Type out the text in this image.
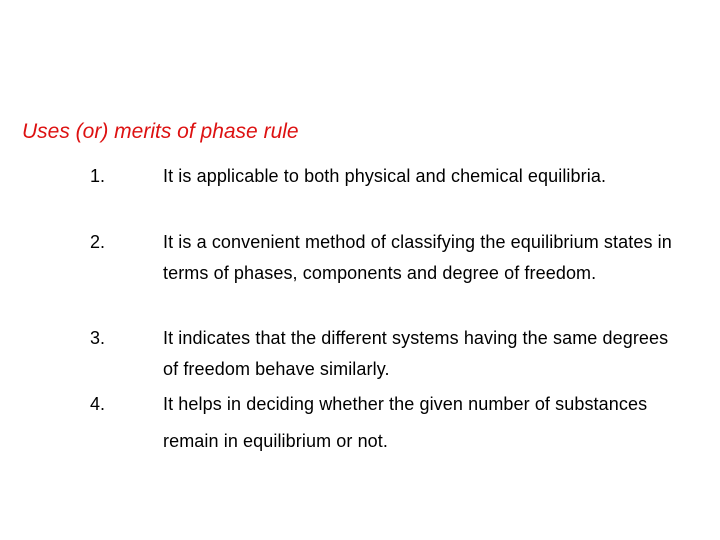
Uses (or) merits of phase rule
1.	It is applicable to both physical and chemical equilibria.
2.	It is a convenient method of classifying the equilibrium states in terms of phases, components and degree of freedom.
3.	It indicates that the different systems having the same degrees of freedom behave similarly.
4.	It helps in deciding whether the given number of substances remain in equilibrium or not.
